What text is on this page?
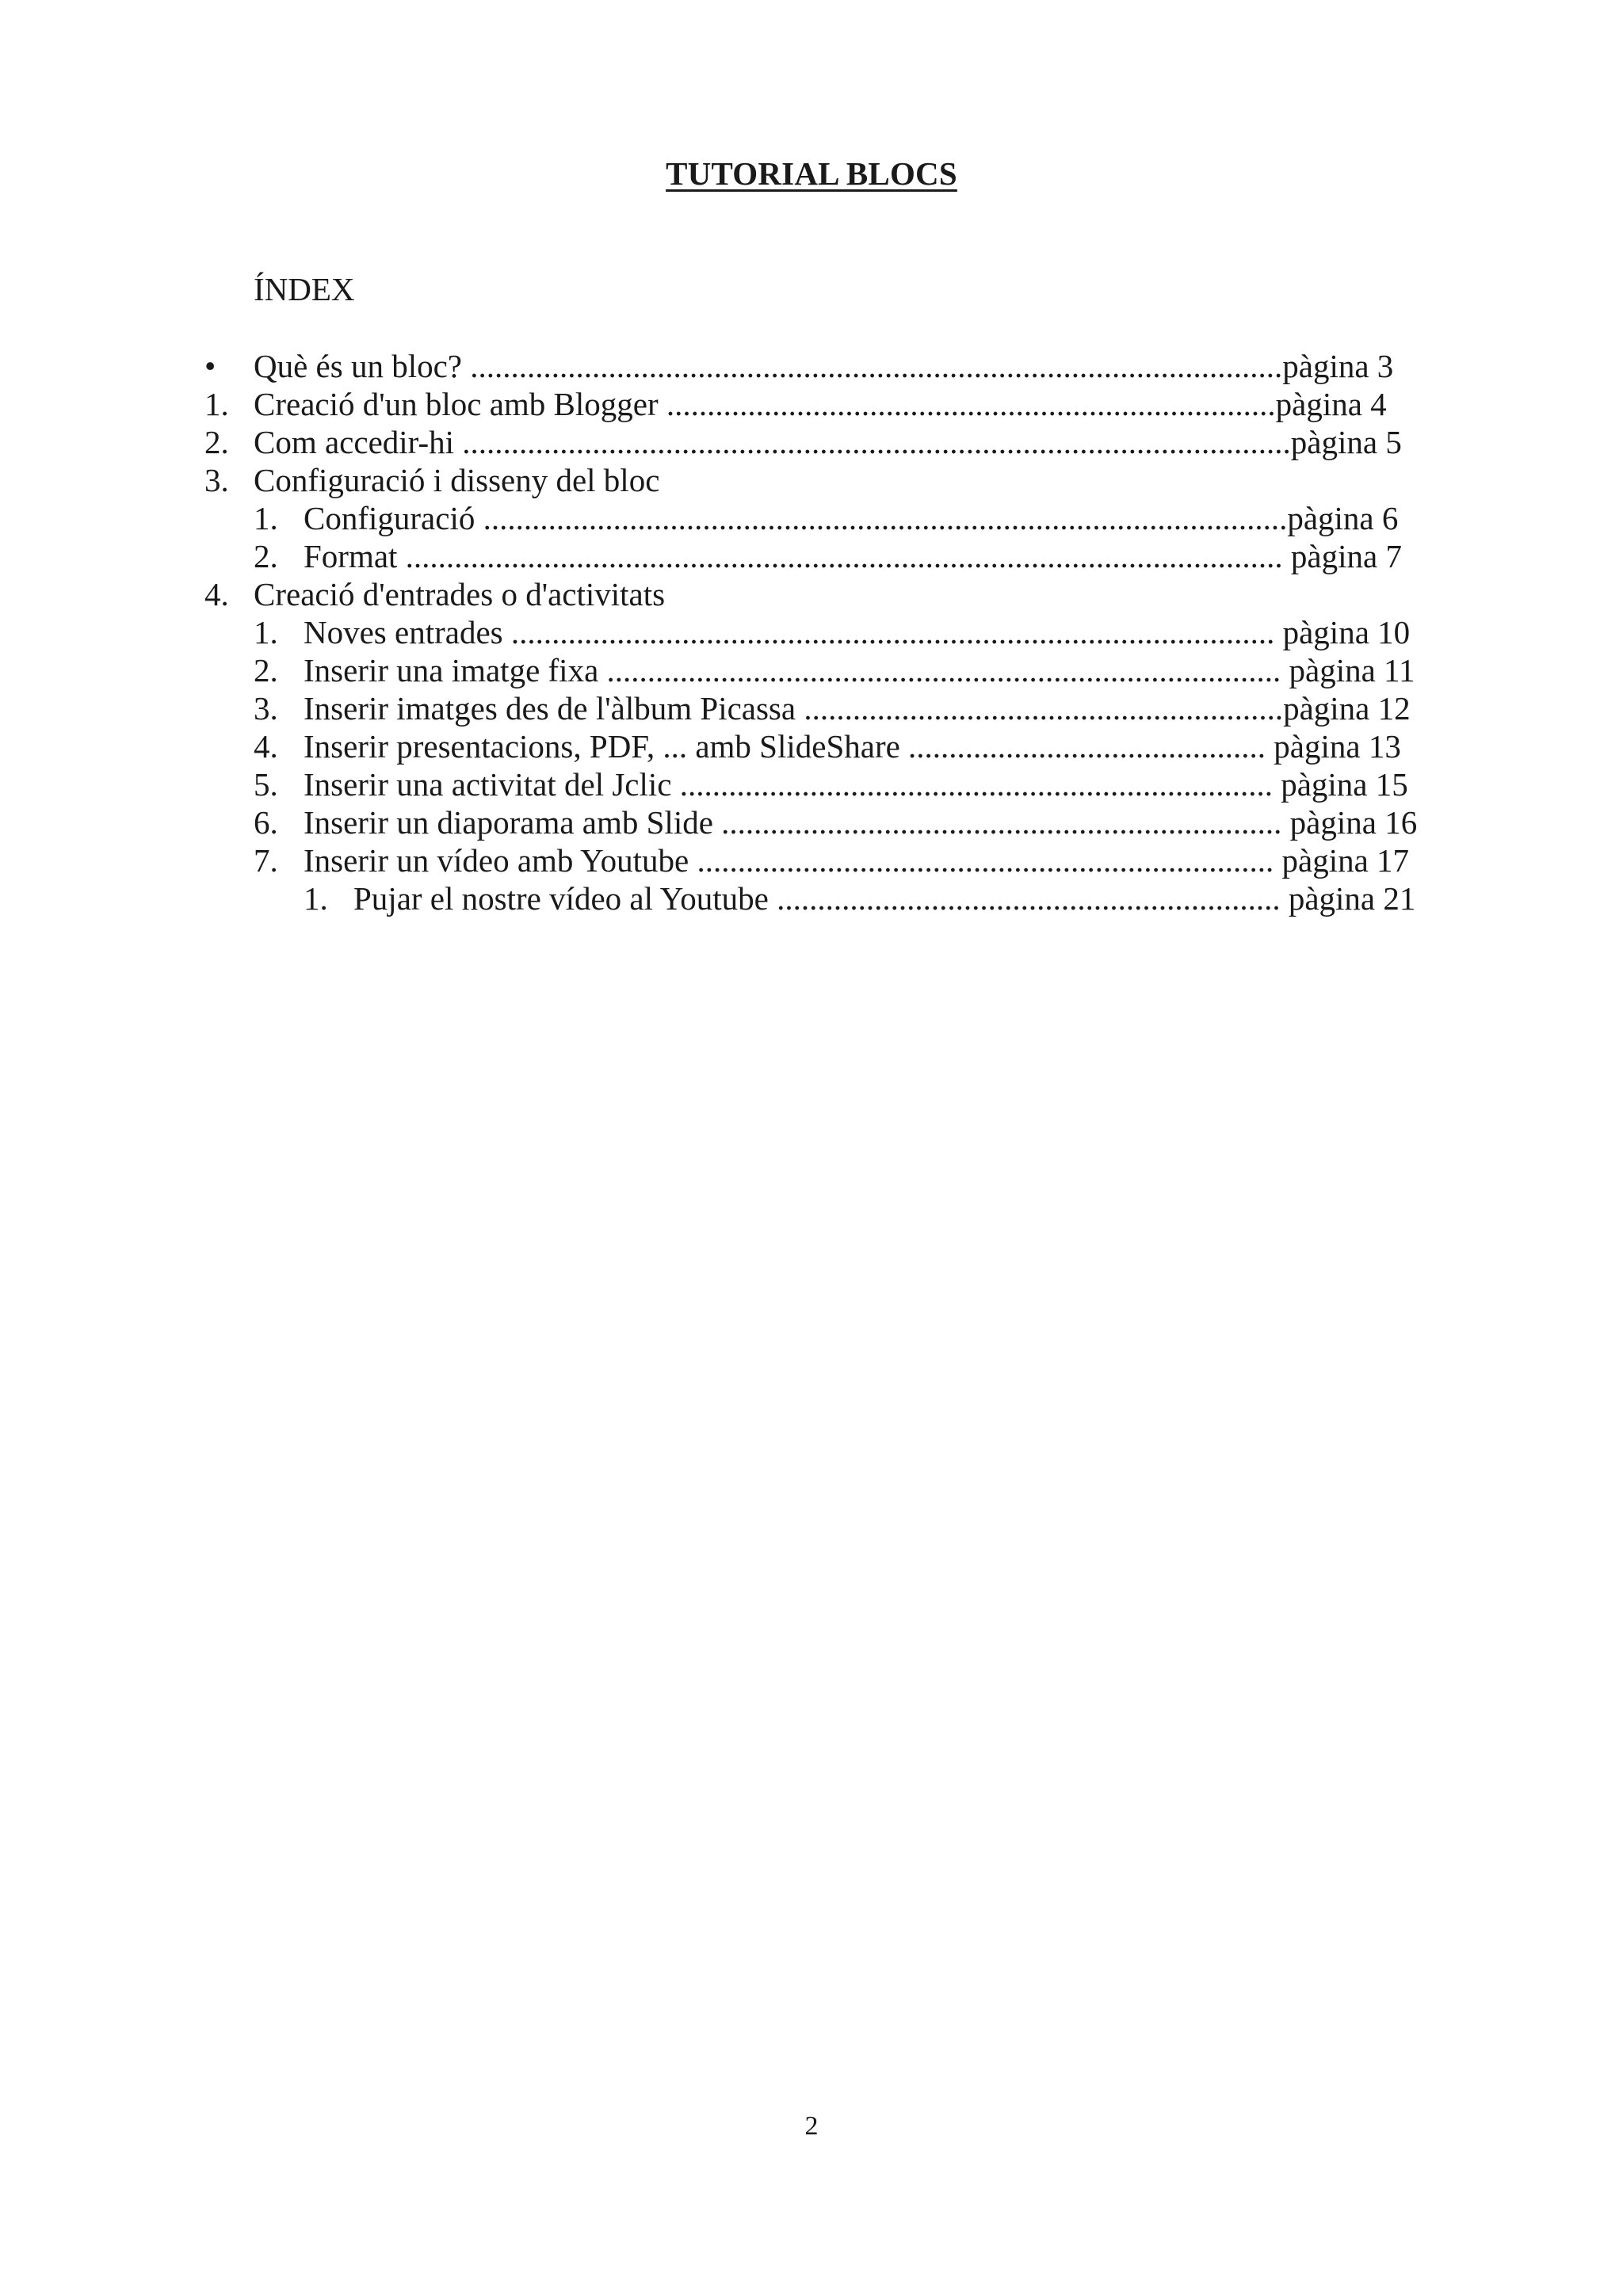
TUTORIAL BLOCS
ÍNDEX
• Què és un bloc? ....................................................................................................pàgina 3
1. Creació d'un bloc amb Blogger ...........................................................................pàgina 4
2. Com accedir-hi ......................................................................................................pàgina 5
3. Configuració i disseny del bloc
1. Configuració ...................................................................................................pàgina 6
2. Format ............................................................................................................ pàgina 7
4. Creació d'entrades o d'activitats
1. Noves entrades .............................................................................................. pàgina 10
2. Inserir una imatge fixa ................................................................................... pàgina 11
3. Inserir imatges des de l'àlbum Picassa ...........................................................pàgina 12
4. Inserir presentacions, PDF, ... amb SlideShare ............................................ pàgina 13
5. Inserir una activitat del Jclic ......................................................................... pàgina 15
6. Inserir un diaporama amb Slide ..................................................................... pàgina 16
7. Inserir un vídeo amb Youtube ....................................................................... pàgina 17
1. Pujar el nostre vídeo al Youtube .............................................................. pàgina 21
2
